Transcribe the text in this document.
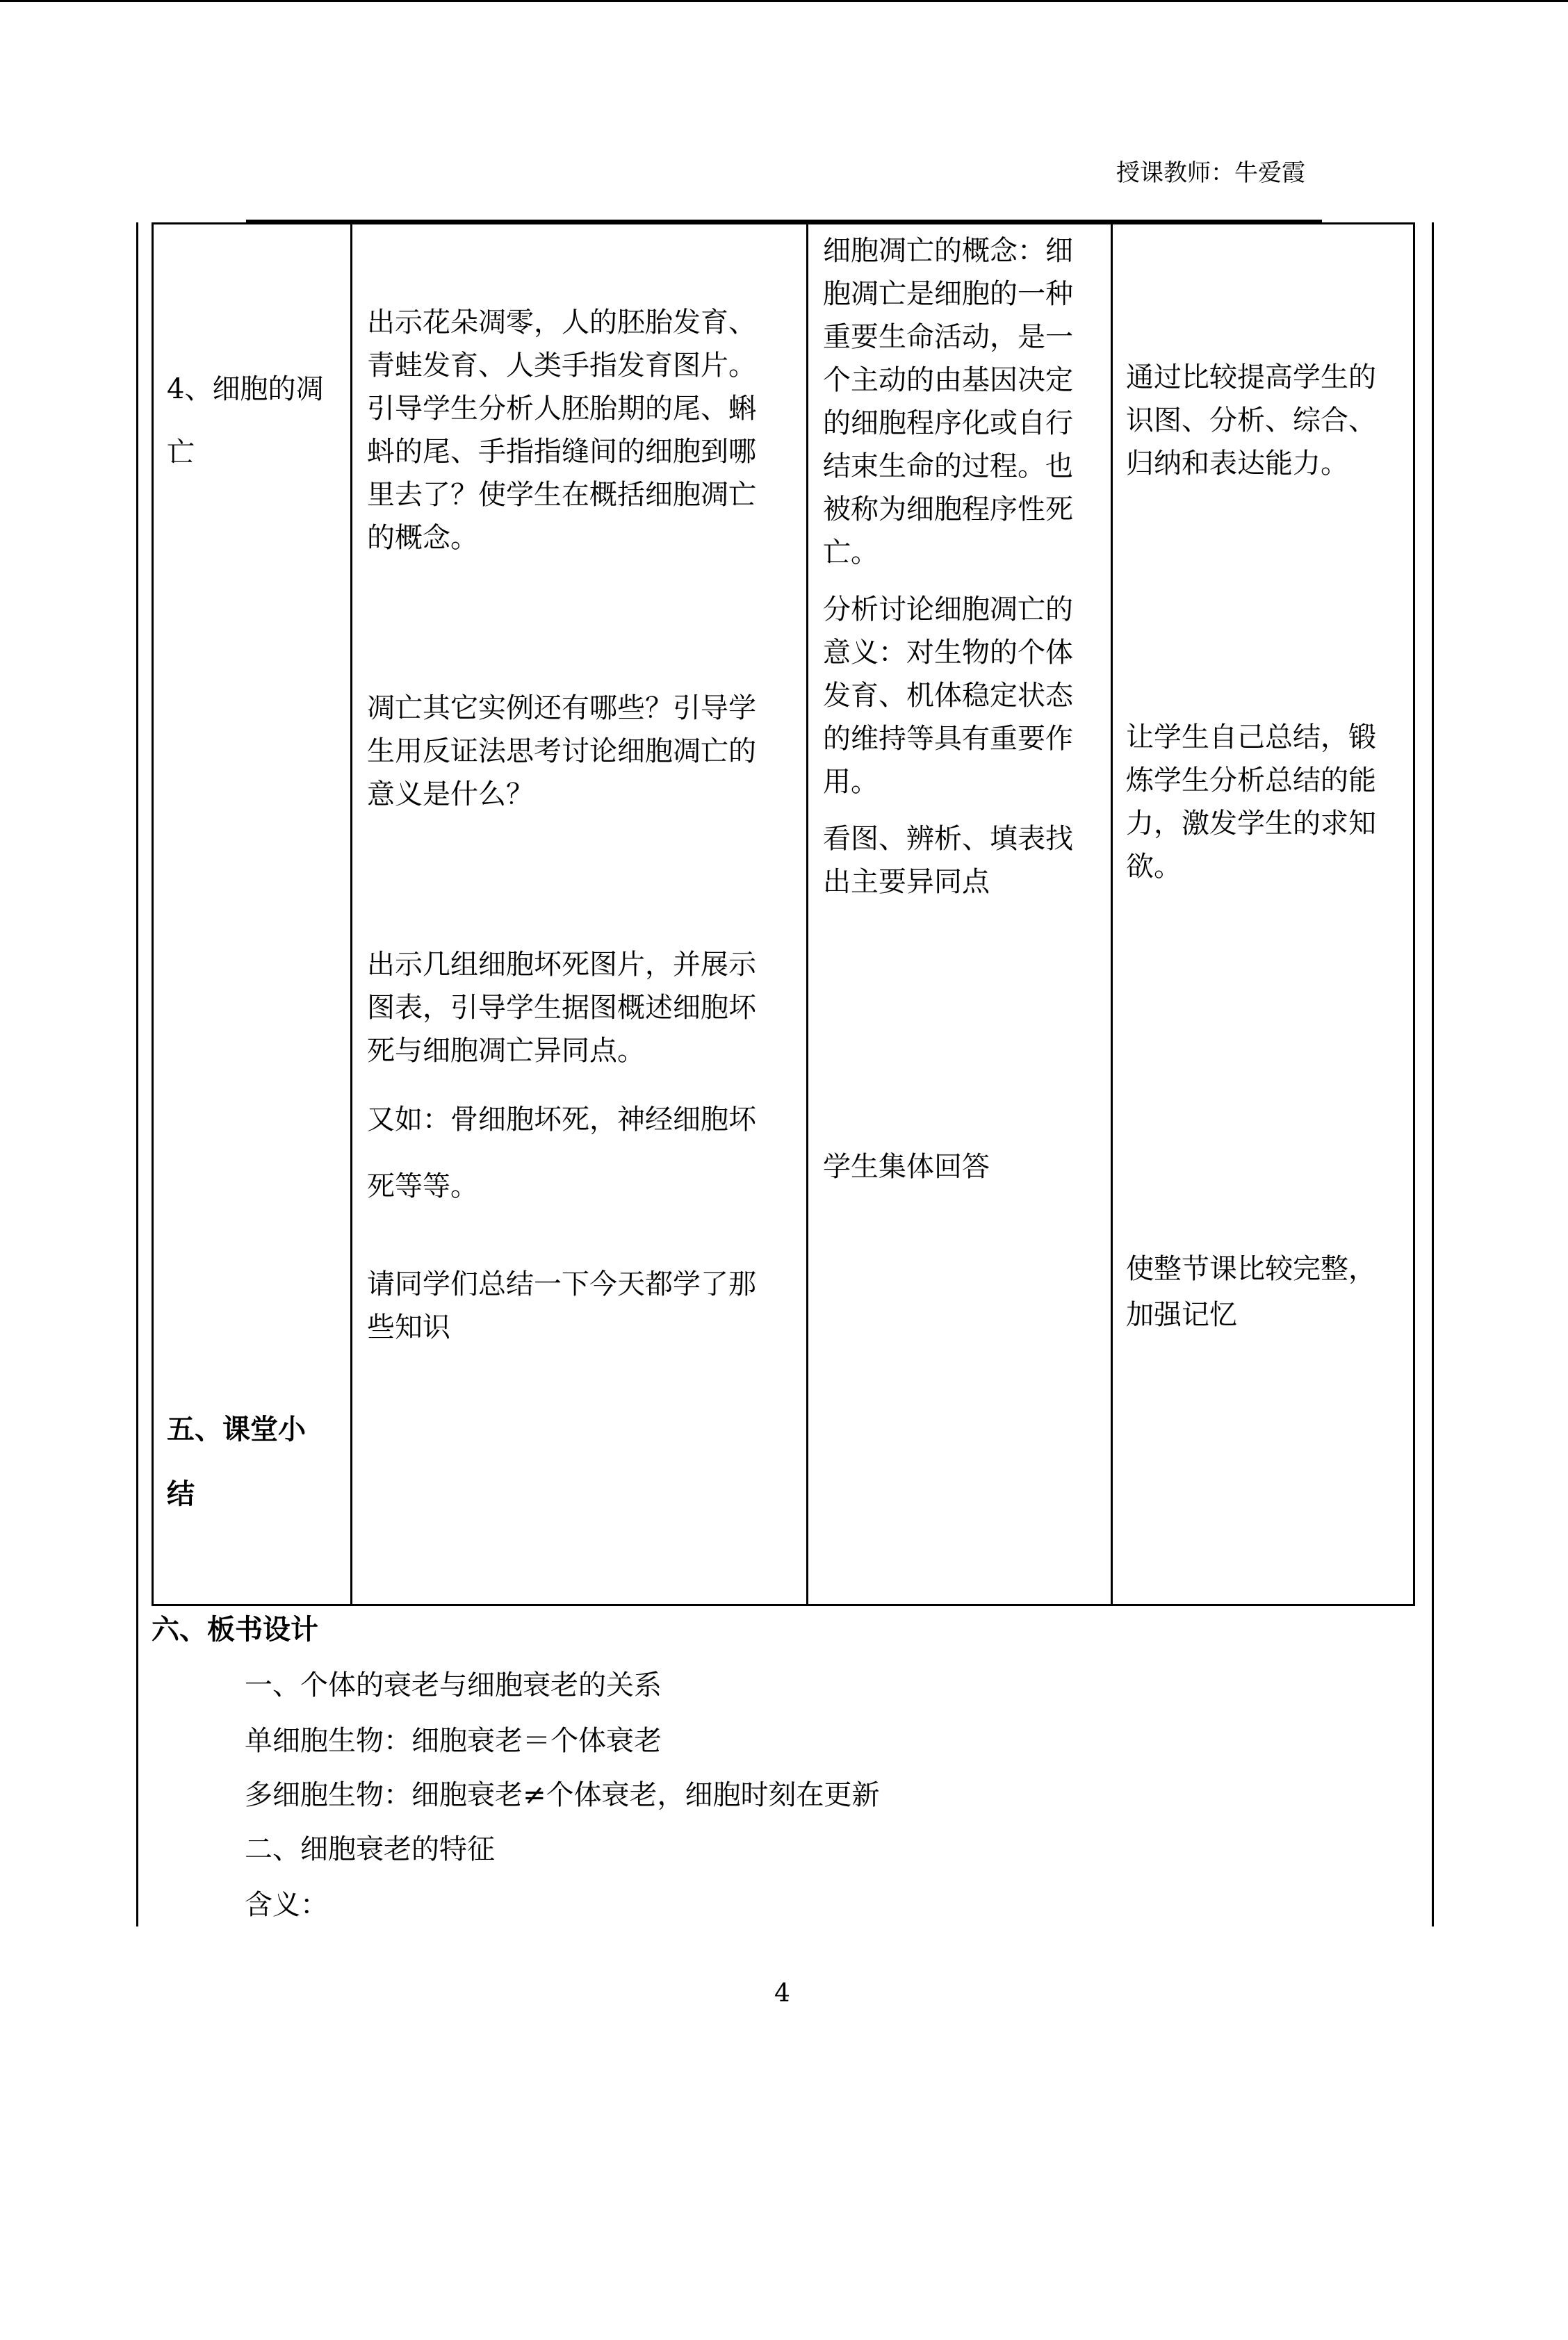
授课教师：牛爱霞
4、细胞的凋
亡
五、课堂小
结
出示花朵凋零，人的胚胎发育、
青蛙发育、人类手指发育图片。
引导学生分析人胚胎期的尾、蝌
蚪的尾、手指指缝间的细胞到哪
里去了？使学生在概括细胞凋亡
的概念。
凋亡其它实例还有哪些？引导学
生用反证法思考讨论细胞凋亡的
意义是什么？
出示几组细胞坏死图片，并展示
图表，引导学生据图概述细胞坏
死与细胞凋亡异同点。
又如：骨细胞坏死，神经细胞坏
死等等。
请同学们总结一下今天都学了那
些知识
细胞凋亡的概念：细
胞凋亡是细胞的一种
重要生命活动，是一
个主动的由基因决定
的细胞程序化或自行
结束生命的过程。也
被称为细胞程序性死
亡。
分析讨论细胞凋亡的
意义：对生物的个体
发育、机体稳定状态
的维持等具有重要作
用。
看图、辨析、填表找
出主要异同点
学生集体回答
通过比较提高学生的
识图、分析、综合、
归纳和表达能力。
让学生自己总结，锻
炼学生分析总结的能
力，激发学生的求知
欲。
使整节课比较完整，
加强记忆
六、板书设计
一、个体的衰老与细胞衰老的关系
单细胞生物：细胞衰老＝个体衰老
多细胞生物：细胞衰老≠个体衰老，细胞时刻在更新
二、细胞衰老的特征
含义：
4
